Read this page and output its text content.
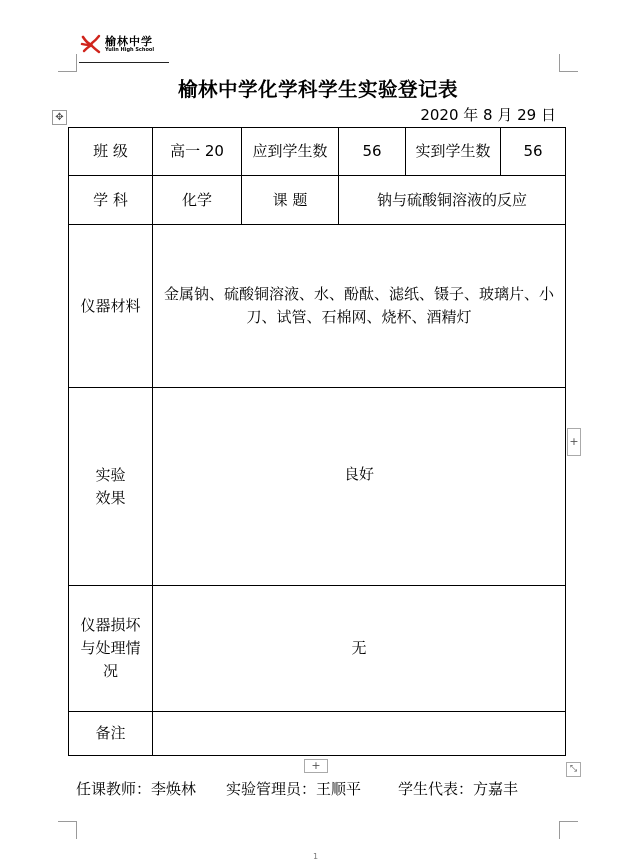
榆林中学
Yulin High School
榆林中学化学科学生实验登记表
2020 年 8 月 29 日
✥
班 级	高一 20	应到学生数	56	实到学生数	56
学 科	化学	课 题	钠与硫酸铜溶液的反应		
仪器材料	金属钠、硫酸铜溶液、水、酚酞、滤纸、镊子、玻璃片、小刀、试管、石棉网、烧杯、酒精灯				
实验效果	良好				
仪器损坏与处理情况	无				
备注					
+
+	⤡
任课教师：李焕林	实验管理员：王顺平	学生代表：方嘉丰
1
